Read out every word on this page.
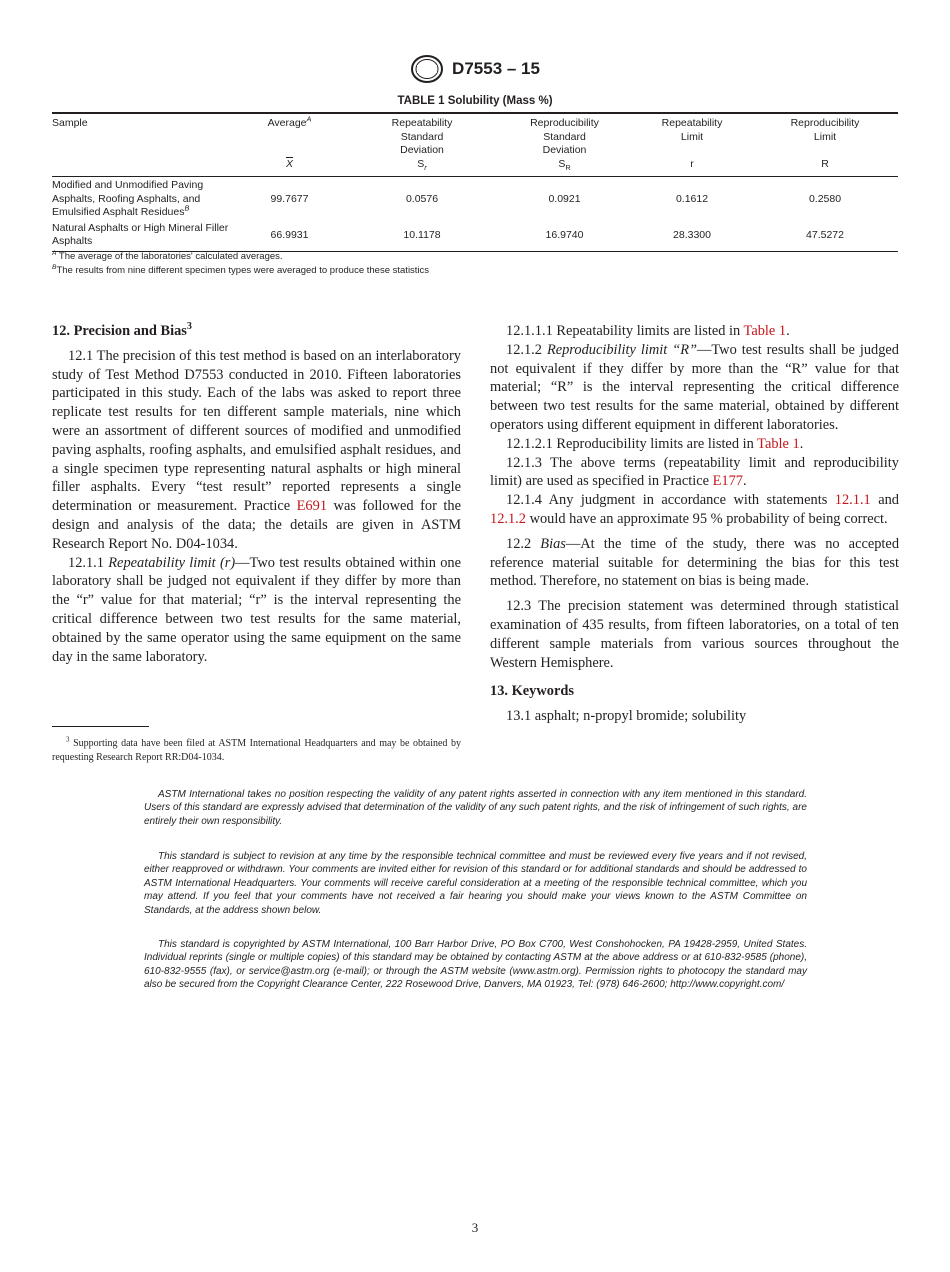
D7553 – 15
TABLE 1 Solubility (Mass %)
Sample	Average$^A$	Repeatability Standard Deviation	Reproducibility Standard Deviation	Repeatability Limit	Reproducibility Limit
	$\overline{X}$	$S_r$	$S_R$	r	R
Modified and Unmodified Paving Asphalts, Roofing Asphalts, and Emulsified Asphalt Residues$^B$	99.7677	0.0576	0.0921	0.1612	0.2580
Natural Asphalts or High Mineral Filler Asphalts	66.9931	10.1178	16.9740	28.3300	47.5272
$^A$ The average of the laboratories' calculated averages.
$^B$The results from nine different specimen types were averaged to produce these statistics
12. Precision and Bias$^3$

12.1 The precision of this test method is based on an interlaboratory study of Test Method D7553 conducted in 2010. Fifteen laboratories participated in this study. Each of the labs was asked to report three replicate test results for ten different sample materials, nine which were an assortment of different sources of modified and unmodified paving asphalts, roofing asphalts, and emulsified asphalt residues, and a single specimen type representing natural asphalts or high mineral filler asphalts. Every “test result” reported represents a single determination or measurement. Practice E691 was followed for the design and analysis of the data; the details are given in ASTM Research Report No. D04-1034.

12.1.1 Repeatability limit (r)—Two test results obtained within one laboratory shall be judged not equivalent if they differ by more than the “r” value for that material; “r” is the interval representing the critical difference between two test results for the same material, obtained by the same operator using the same equipment on the same day in the same laboratory.

$^3$ Supporting data have been filed at ASTM International Headquarters and may be obtained by requesting Research Report RR:D04-1034.

12.1.1.1 Repeatability limits are listed in Table 1.

12.1.2 Reproducibility limit “R”—Two test results shall be judged not equivalent if they differ by more than the “R” value for that material; “R” is the interval representing the critical difference between two test results for the same material, obtained by different operators using different equipment in different laboratories.

12.1.2.1 Reproducibility limits are listed in Table 1.

12.1.3 The above terms (repeatability limit and reproducibility limit) are used as specified in Practice E177.

12.1.4 Any judgment in accordance with statements 12.1.1 and 12.1.2 would have an approximate 95 % probability of being correct.

12.2 Bias—At the time of the study, there was no accepted reference material suitable for determining the bias for this test method. Therefore, no statement on bias is being made.

12.3 The precision statement was determined through statistical examination of 435 results, from fifteen laboratories, on a total of ten different sample materials from various sources throughout the Western Hemisphere.

13. Keywords

13.1 asphalt; n-propyl bromide; solubility

ASTM International takes no position respecting the validity of any patent rights asserted in connection with any item mentioned in this standard. Users of this standard are expressly advised that determination of the validity of any such patent rights, and the risk of infringement of such rights, are entirely their own responsibility.
This standard is subject to revision at any time by the responsible technical committee and must be reviewed every five years and if not revised, either reapproved or withdrawn. Your comments are invited either for revision of this standard or for additional standards and should be addressed to ASTM International Headquarters. Your comments will receive careful consideration at a meeting of the responsible technical committee, which you may attend. If you feel that your comments have not received a fair hearing you should make your views known to the ASTM Committee on Standards, at the address shown below.
This standard is copyrighted by ASTM International, 100 Barr Harbor Drive, PO Box C700, West Conshohocken, PA 19428-2959, United States. Individual reprints (single or multiple copies) of this standard may be obtained by contacting ASTM at the above address or at 610-832-9585 (phone), 610-832-9555 (fax), or service@astm.org (e-mail); or through the ASTM website (www.astm.org). Permission rights to photocopy the standard may also be secured from the Copyright Clearance Center, 222 Rosewood Drive, Danvers, MA 01923, Tel: (978) 646-2600; http://www.copyright.com/
3
